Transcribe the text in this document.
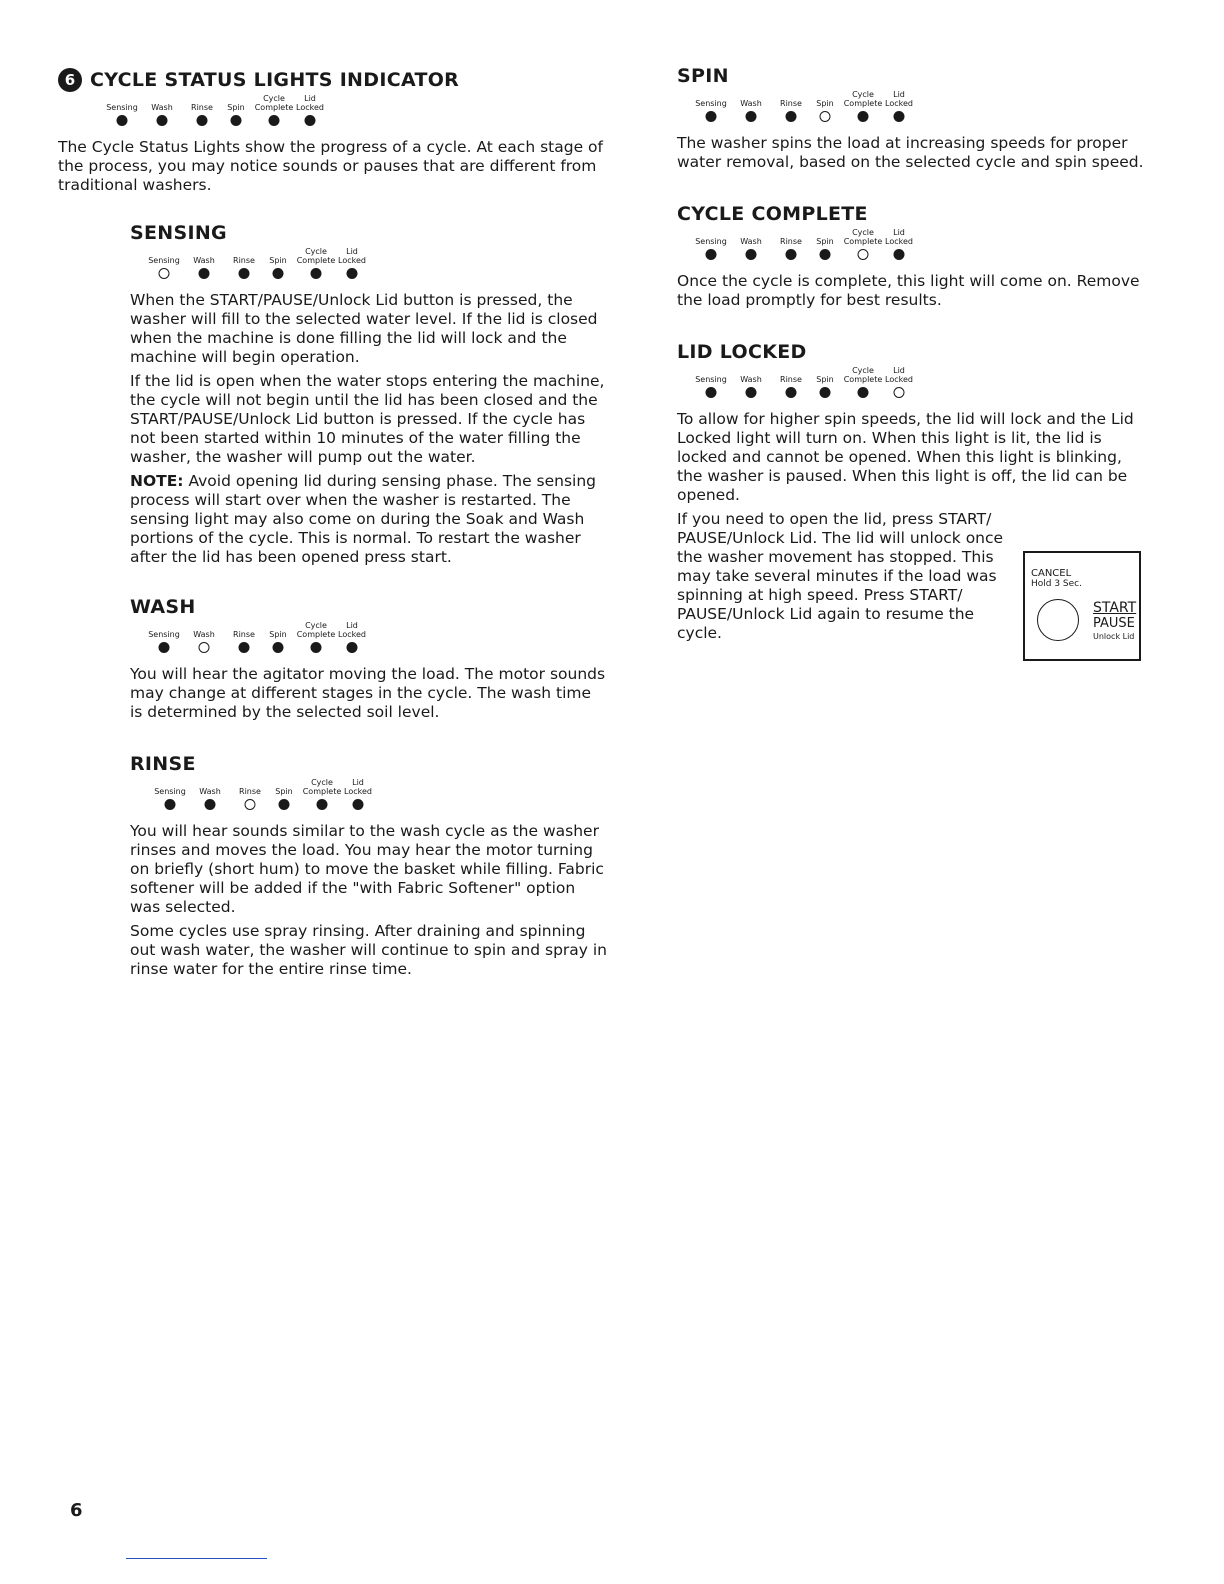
6 CYCLE STATUS LIGHTS INDICATOR
Sensing Wash Rinse Spin
Cycle
Complete
Lid
Locked

The Cycle Status Lights show the progress of a cycle. At each stage of the process, you may notice sounds or pauses that are different from traditional washers.

SENSING
Sensing Wash Rinse Spin
Cycle
Complete
Lid
Locked

When the START/PAUSE/Unlock Lid button is pressed, the washer will fill to the selected water level. If the lid is closed when the machine is done filling the lid will lock and the machine will begin operation.

If the lid is open when the water stops entering the machine, the cycle will not begin until the lid has been closed and the START/PAUSE/Unlock Lid button is pressed. If the cycle has not been started within 10 minutes of the water filling the washer, the washer will pump out the water.

NOTE: Avoid opening lid during sensing phase. The sensing process will start over when the washer is restarted. The sensing light may also come on during the Soak and Wash portions of the cycle. This is normal. To restart the washer after the lid has been opened press start.

WASH
Sensing Wash Rinse Spin
Cycle
Complete
Lid
Locked

You will hear the agitator moving the load. The motor sounds may change at different stages in the cycle. The wash time is determined by the selected soil level.

RINSE
Sensing Wash Rinse Spin
Cycle
Complete
Lid
Locked

You will hear sounds similar to the wash cycle as the washer rinses and moves the load. You may hear the motor turning on briefly (short hum) to move the basket while filling. Fabric softener will be added if the "with Fabric Softener" option was selected.

Some cycles use spray rinsing. After draining and spinning out wash water, the washer will continue to spin and spray in rinse water for the entire rinse time.

SPIN
Sensing Wash Rinse Spin
Cycle
Complete
Lid
Locked

The washer spins the load at increasing speeds for proper water removal, based on the selected cycle and spin speed.

CYCLE COMPLETE
Sensing Wash Rinse Spin
Cycle
Complete
Lid
Locked

Once the cycle is complete, this light will come on. Remove the load promptly for best results.

LID LOCKED
Sensing Wash Rinse Spin
Cycle
Complete
Lid
Locked

To allow for higher spin speeds, the lid will lock and the Lid Locked light will turn on. When this light is lit, the lid is locked and cannot be opened. When this light is blinking, the washer is paused. When this light is off, the lid can be opened.

If you need to open the lid, press START/ PAUSE/Unlock Lid. The lid will unlock once the washer movement has stopped. This may take several minutes if the load was spinning at high speed. Press START/ PAUSE/Unlock Lid again to resume the cycle.

CANCEL
Hold 3 Sec.
START
PAUSE
Unlock Lid
6
